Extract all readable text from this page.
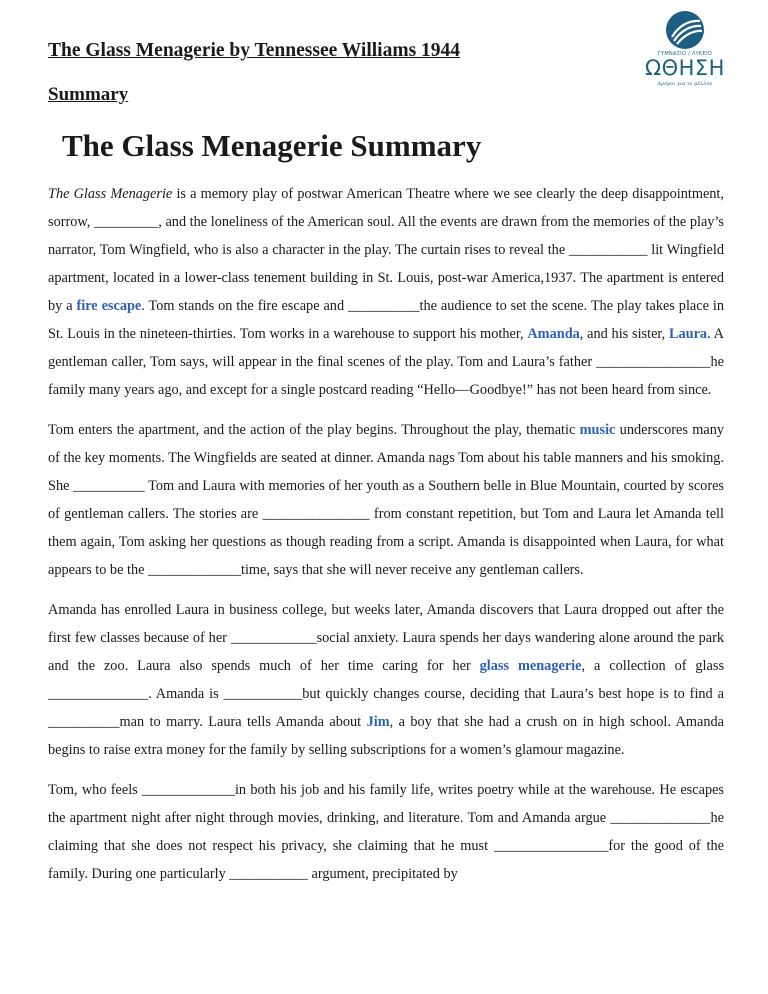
The Glass Menagerie by Tennessee Williams 1944
Summary
ΓΥΜΝΑΣΙΟ / ΛΥΚΕΙΟ
ΩΘΗΣΗ
Δρόμοι για το μέλλον
The Glass Menagerie Summary

The Glass Menagerie is a memory play of postwar American Theatre where we see clearly the deep disappointment, sorrow, _________, and the loneliness of the American soul. All the events are drawn from the memories of the play’s narrator, Tom Wingfield, who is also a character in the play. The curtain rises to reveal the ___________ lit Wingfield apartment, located in a lower-class tenement building in St. Louis, post-war America,1937. The apartment is entered by a fire escape. Tom stands on the fire escape and __________the audience to set the scene. The play takes place in St. Louis in the nineteen-thirties. Tom works in a warehouse to support his mother, Amanda, and his sister, Laura. A gentleman caller, Tom says, will appear in the final scenes of the play. Tom and Laura’s father ________________he family many years ago, and except for a single postcard reading “Hello—Goodbye!” has not been heard from since.

Tom enters the apartment, and the action of the play begins. Throughout the play, thematic music underscores many of the key moments. The Wingfields are seated at dinner. Amanda nags Tom about his table manners and his smoking. She __________ Tom and Laura with memories of her youth as a Southern belle in Blue Mountain, courted by scores of gentleman callers. The stories are _______________ from constant repetition, but Tom and Laura let Amanda tell them again, Tom asking her questions as though reading from a script. Amanda is disappointed when Laura, for what appears to be the _____________time, says that she will never receive any gentleman callers.

Amanda has enrolled Laura in business college, but weeks later, Amanda discovers that Laura dropped out after the first few classes because of her ____________social anxiety. Laura spends her days wandering alone around the park and the zoo. Laura also spends much of her time caring for her glass menagerie, a collection of glass ______________. Amanda is ___________but quickly changes course, deciding that Laura’s best hope is to find a __________man to marry. Laura tells Amanda about Jim, a boy that she had a crush on in high school. Amanda begins to raise extra money for the family by selling subscriptions for a women’s glamour magazine.

Tom, who feels _____________in both his job and his family life, writes poetry while at the warehouse. He escapes the apartment night after night through movies, drinking, and literature. Tom and Amanda argue ______________he claiming that she does not respect his privacy, she claiming that he must ________________for the good of the family. During one particularly ___________ argument, precipitated by
